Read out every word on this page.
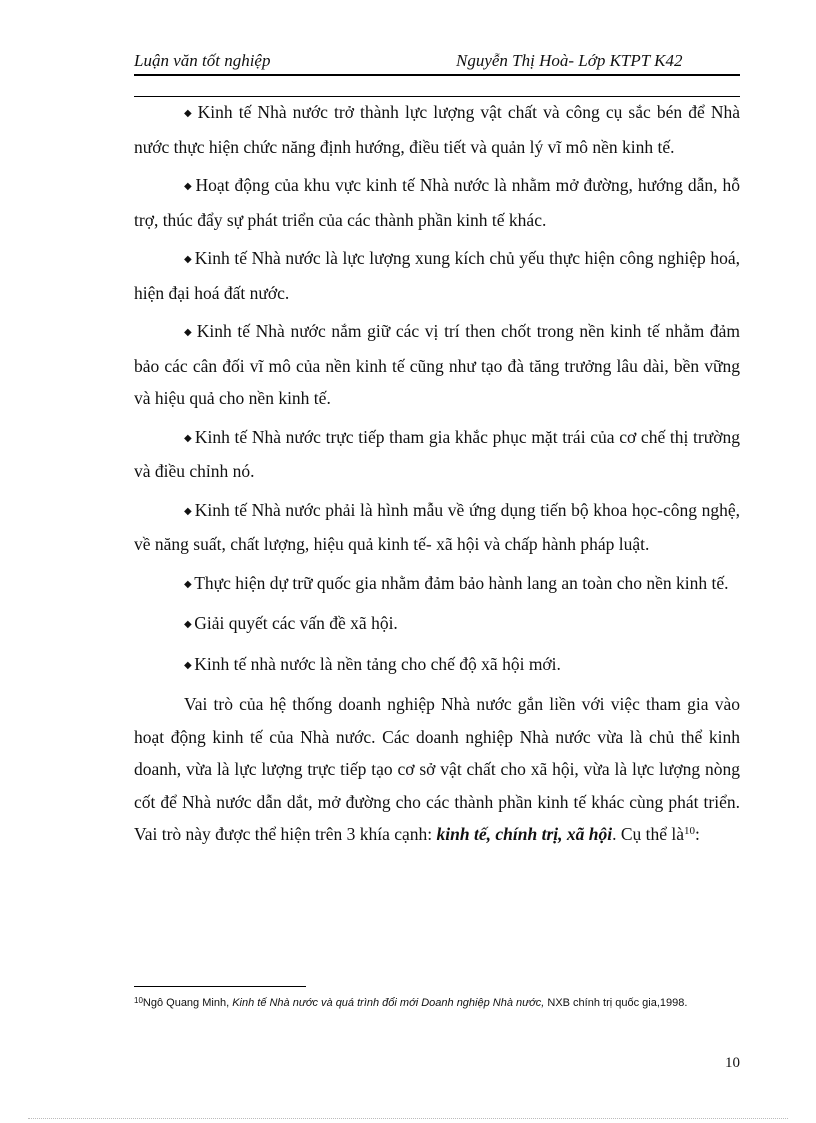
Luận văn tốt nghiệp	Nguyễn Thị Hoà- Lớp KTPT K42

◆ Kinh tế Nhà nước trở thành lực lượng vật chất và công cụ sắc bén để Nhà nước thực hiện chức năng định hướng, điều tiết và quản lý vĩ mô nền kinh tế.

◆ Hoạt động của khu vực kinh tế Nhà nước là nhằm mở đường, hướng dẫn, hỗ trợ, thúc đẩy sự phát triển của các thành phần kinh tế khác.

◆ Kinh tế Nhà nước là lực lượng xung kích chủ yếu thực hiện công nghiệp hoá, hiện đại hoá đất nước.

◆ Kinh tế Nhà nước nắm giữ các vị trí then chốt trong nền kinh tế nhằm đảm bảo các cân đối vĩ mô của nền kinh tế cũng như tạo đà tăng trưởng lâu dài, bền vững và hiệu quả cho nền kinh tế.

◆ Kinh tế Nhà nước trực tiếp tham gia khắc phục mặt trái của cơ chế thị trường và điều chỉnh nó.

◆ Kinh tế Nhà nước phải là hình mẫu về ứng dụng tiến bộ khoa học-công nghệ, về năng suất, chất lượng, hiệu quả kinh tế- xã hội và chấp hành pháp luật.

◆ Thực hiện dự trữ quốc gia nhằm đảm bảo hành lang an toàn cho nền kinh tế.

◆ Giải quyết các vấn đề xã hội.

◆ Kinh tế nhà nước là nền tảng cho chế độ xã hội mới.

Vai trò của hệ thống doanh nghiệp Nhà nước gắn liền với việc tham gia vào hoạt động kinh tế của Nhà nước. Các doanh nghiệp Nhà nước vừa là chủ thể kinh doanh, vừa là lực lượng trực tiếp tạo cơ sở vật chất cho xã hội, vừa là lực lượng nòng cốt để Nhà nước dẫn dắt, mở đường cho các thành phần kinh tế khác cùng phát triển. Vai trò này được thể hiện trên 3 khía cạnh: kinh tế, chính trị, xã hội. Cụ thể $là^{10}$:

$^{10}$Ngô Quang Minh, Kinh tế Nhà nước và quá trình đổi mới Doanh nghiệp Nhà nước, NXB chính trị quốc gia,1998.
10
